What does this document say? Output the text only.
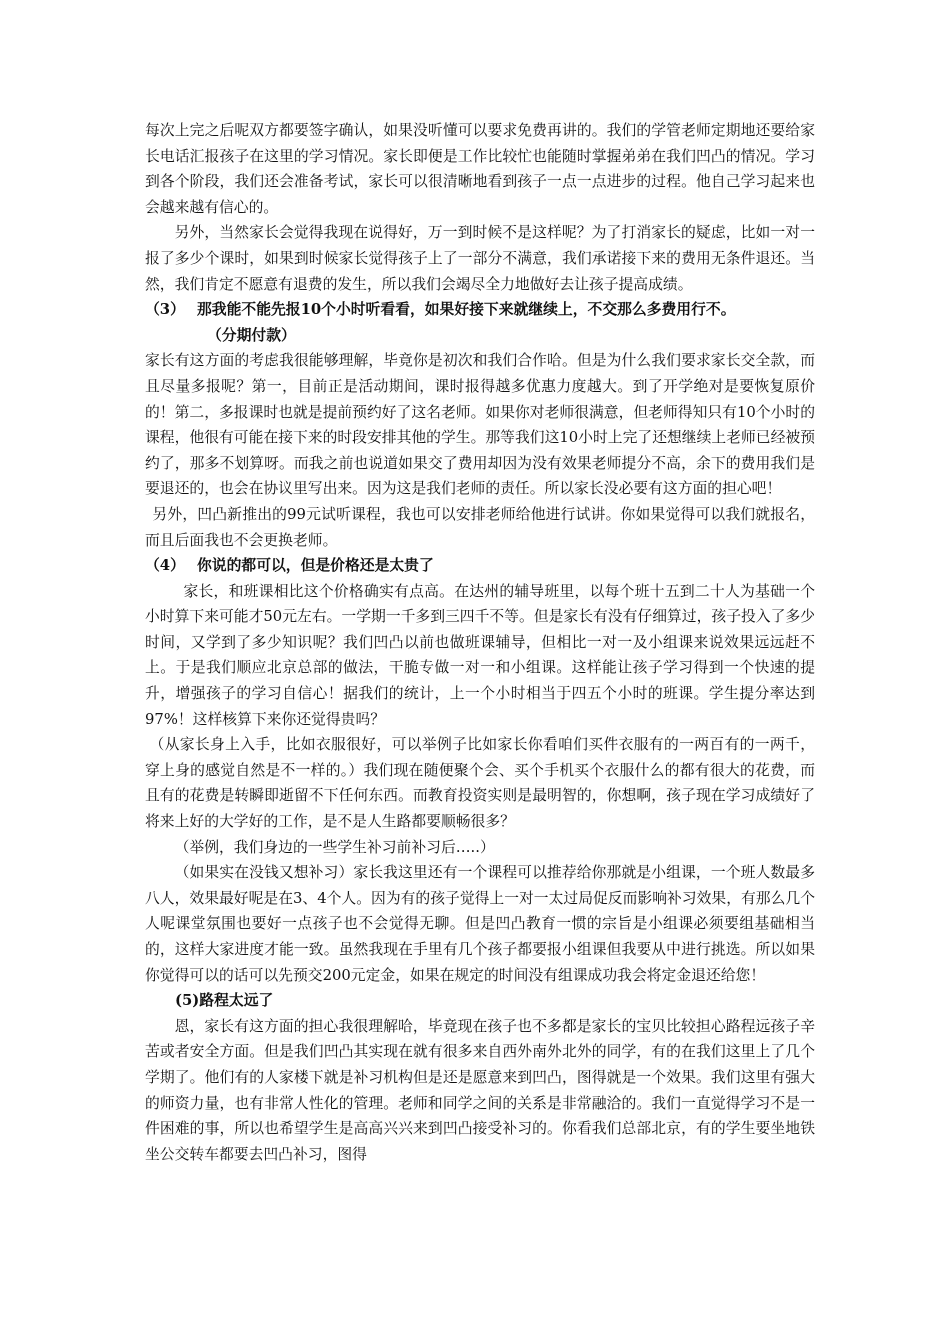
每次上完之后呢双方都要签字确认，如果没听懂可以要求免费再讲的。我们的学管老师定期地还要给家长电话汇报孩子在这里的学习情况。家长即便是工作比较忙也能随时掌握弟弟在我们凹凸的情况。学习到各个阶段，我们还会准备考试，家长可以很清晰地看到孩子一点一点进步的过程。他自己学习起来也会越来越有信心的。

另外，当然家长会觉得我现在说得好，万一到时候不是这样呢？为了打消家长的疑虑，比如一对一报了多少个课时，如果到时候家长觉得孩子上了一部分不满意，我们承诺接下来的费用无条件退还。当然，我们肯定不愿意有退费的发生，所以我们会竭尽全力地做好去让孩子提高成绩。

（3） 那我能不能先报10个小时听看看，如果好接下来就继续上，不交那么多费用行不。

（分期付款）

家长有这方面的考虑我很能够理解，毕竟你是初次和我们合作哈。但是为什么我们要求家长交全款，而且尽量多报呢？第一，目前正是活动期间，课时报得越多优惠力度越大。到了开学绝对是要恢复原价的！第二，多报课时也就是提前预约好了这名老师。如果你对老师很满意，但老师得知只有10个小时的课程，他很有可能在接下来的时段安排其他的学生。那等我们这10小时上完了还想继续上老师已经被预约了，那多不划算呀。而我之前也说道如果交了费用却因为没有效果老师提分不高，余下的费用我们是要退还的，也会在协议里写出来。因为这是我们老师的责任。所以家长没必要有这方面的担心吧！

另外，凹凸新推出的99元试听课程，我也可以安排老师给他进行试讲。你如果觉得可以我们就报名，而且后面我也不会更换老师。

（4） 你说的都可以，但是价格还是太贵了

家长，和班课相比这个价格确实有点高。在达州的辅导班里，以每个班十五到二十人为基础一个小时算下来可能才50元左右。一学期一千多到三四千不等。但是家长有没有仔细算过，孩子投入了多少时间，又学到了多少知识呢？我们凹凸以前也做班课辅导，但相比一对一及小组课来说效果远远赶不上。于是我们顺应北京总部的做法，干脆专做一对一和小组课。这样能让孩子学习得到一个快速的提升，增强孩子的学习自信心！据我们的统计，上一个小时相当于四五个小时的班课。学生提分率达到97%！这样核算下来你还觉得贵吗？

（从家长身上入手，比如衣服很好，可以举例子比如家长你看咱们买件衣服有的一两百有的一两千，穿上身的感觉自然是不一样的。）我们现在随便聚个会、买个手机买个衣服什么的都有很大的花费，而且有的花费是转瞬即逝留不下任何东西。而教育投资实则是最明智的，你想啊，孩子现在学习成绩好了将来上好的大学好的工作，是不是人生路都要顺畅很多？

（举例，我们身边的一些学生补习前补习后…..）

（如果实在没钱又想补习）家长我这里还有一个课程可以推荐给你那就是小组课，一个班人数最多八人，效果最好呢是在3、4个人。因为有的孩子觉得上一对一太过局促反而影响补习效果，有那么几个人呢课堂氛围也要好一点孩子也不会觉得无聊。但是凹凸教育一惯的宗旨是小组课必须要组基础相当的，这样大家进度才能一致。虽然我现在手里有几个孩子都要报小组课但我要从中进行挑选。所以如果你觉得可以的话可以先预交200元定金，如果在规定的时间没有组课成功我会将定金退还给您！

(5)路程太远了

恩，家长有这方面的担心我很理解哈，毕竟现在孩子也不多都是家长的宝贝比较担心路程远孩子辛苦或者安全方面。但是我们凹凸其实现在就有很多来自西外南外北外的同学，有的在我们这里上了几个学期了。他们有的人家楼下就是补习机构但是还是愿意来到凹凸，图得就是一个效果。我们这里有强大的师资力量，也有非常人性化的管理。老师和同学之间的关系是非常融洽的。我们一直觉得学习不是一件困难的事，所以也希望学生是高高兴兴来到凹凸接受补习的。你看我们总部北京，有的学生要坐地铁坐公交转车都要去凹凸补习，图得
